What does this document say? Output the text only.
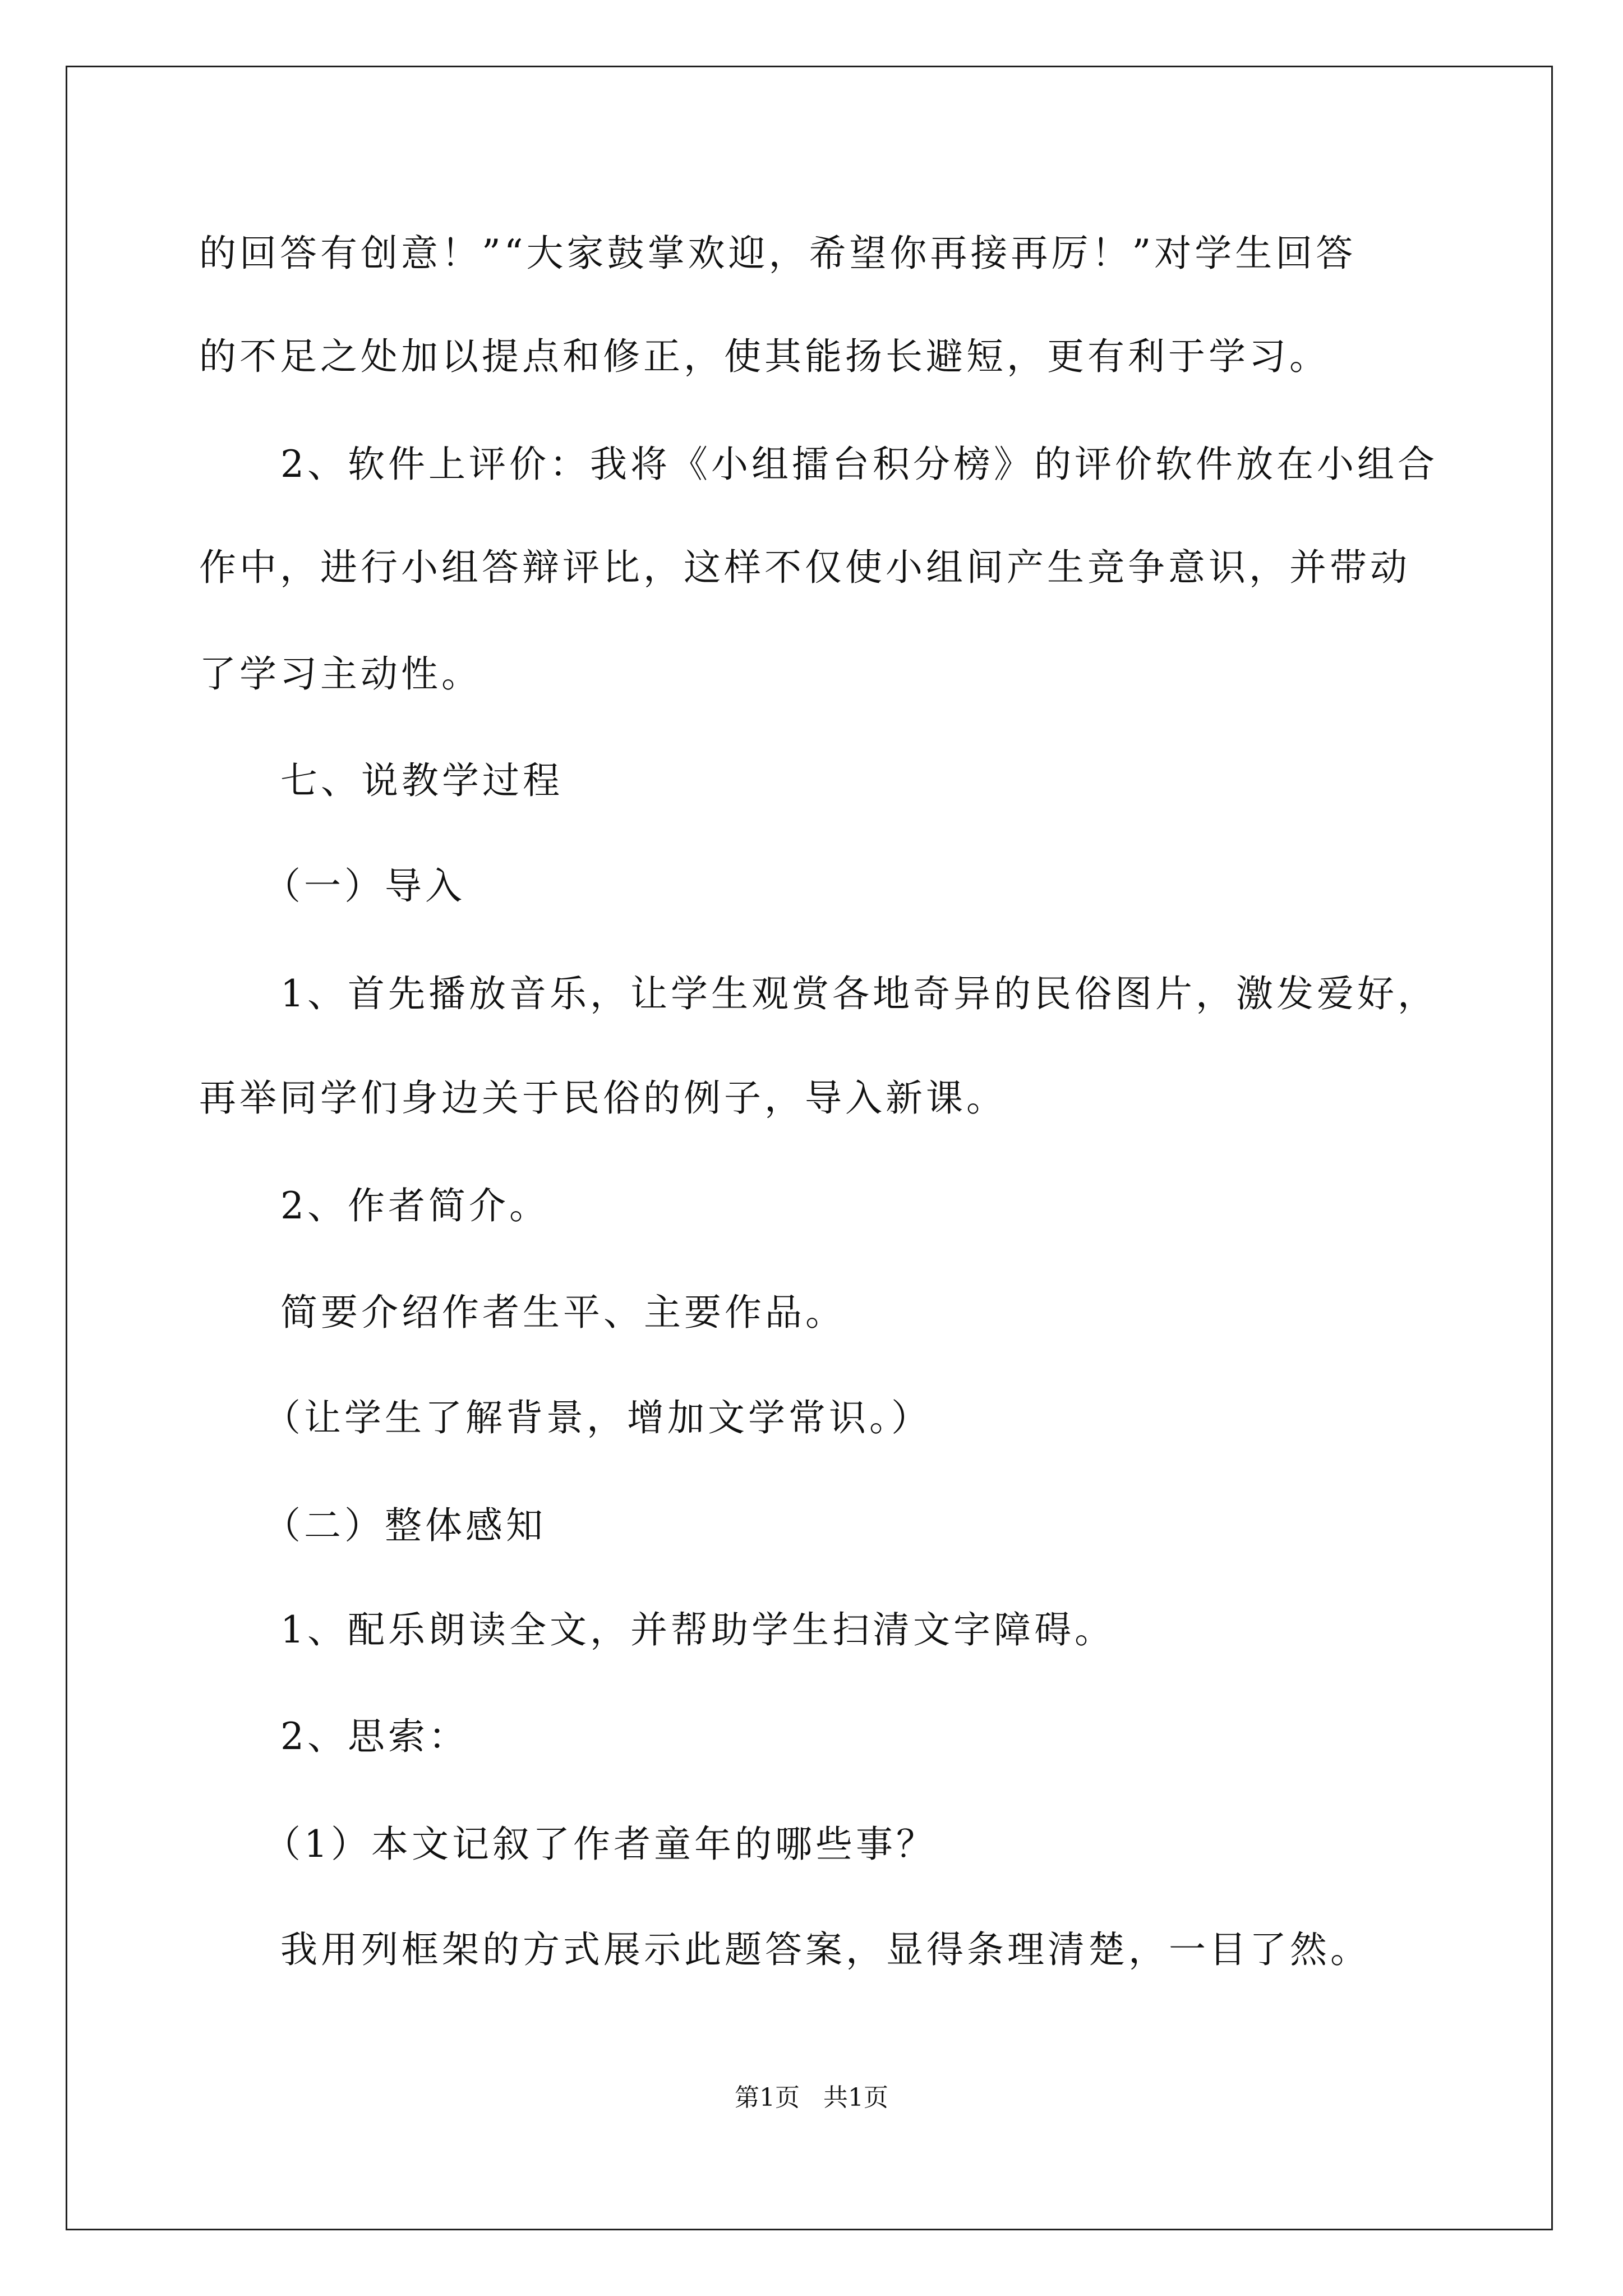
的回答有创意！”“大家鼓掌欢迎，希望你再接再厉！”对学生回答
的不足之处加以提点和修正，使其能扬长避短，更有利于学习。
2、软件上评价：我将《小组擂台积分榜》的评价软件放在小组合
作中，进行小组答辩评比，这样不仅使小组间产生竞争意识，并带动
了学习主动性。
七、说教学过程
（一）导入
1、首先播放音乐，让学生观赏各地奇异的民俗图片，激发爱好，
再举同学们身边关于民俗的例子，导入新课。
2、作者简介。
简要介绍作者生平、主要作品。
（让学生了解背景，增加文学常识。）
（二）整体感知
1、配乐朗读全文，并帮助学生扫清文字障碍。
2、思索：
（1）本文记叙了作者童年的哪些事？
我用列框架的方式展示此题答案，显得条理清楚，一目了然。
第1页   共1页
